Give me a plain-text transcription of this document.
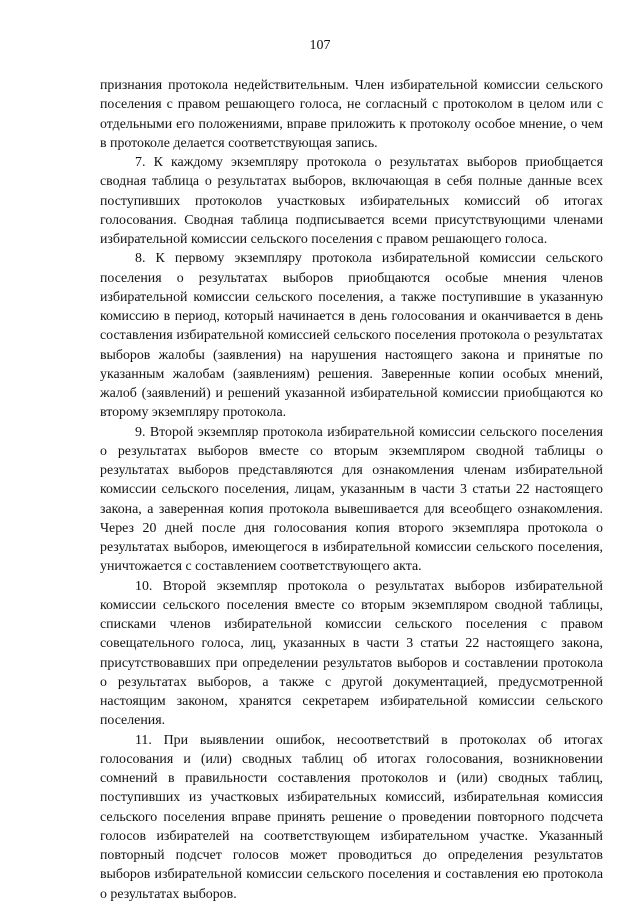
107

признания протокола недействительным. Член избирательной комиссии сельского поселения с правом решающего голоса, не согласный с протоколом в целом или с отдельными его положениями, вправе приложить к протоколу особое мнение, о чем в протоколе делается соответствующая запись.

7. К каждому экземпляру протокола о результатах выборов приобщается сводная таблица о результатах выборов, включающая в себя полные данные всех поступивших протоколов участковых избирательных комиссий об итогах голосования. Сводная таблица подписывается всеми присутствующими членами избирательной комиссии сельского поселения с правом решающего голоса.

8. К первому экземпляру протокола избирательной комиссии сельского поселения о результатах выборов приобщаются особые мнения членов избирательной комиссии сельского поселения, а также поступившие в указанную комиссию в период, который начинается в день голосования и оканчивается в день составления избирательной комиссией сельского поселения протокола о результатах выборов жалобы (заявления) на нарушения настоящего закона и принятые по указанным жалобам (заявлениям) решения. Заверенные копии особых мнений, жалоб (заявлений) и решений указанной избирательной комиссии приобщаются ко второму экземпляру протокола.

9. Второй экземпляр протокола избирательной комиссии сельского поселения о результатах выборов вместе со вторым экземпляром сводной таблицы о результатах выборов представляются для ознакомления членам избирательной комиссии сельского поселения, лицам, указанным в части 3 статьи 22 настоящего закона, а заверенная копия протокола вывешивается для всеобщего ознакомления. Через 20 дней после дня голосования копия второго экземпляра протокола о результатах выборов, имеющегося в избирательной комиссии сельского поселения, уничтожается с составлением соответствующего акта.

10. Второй экземпляр протокола о результатах выборов избирательной комиссии сельского поселения вместе со вторым экземпляром сводной таблицы, списками членов избирательной комиссии сельского поселения с правом совещательного голоса, лиц, указанных в части 3 статьи 22 настоящего закона, присутствовавших при определении результатов выборов и составлении протокола о результатах выборов, а также с другой документацией, предусмотренной настоящим законом, хранятся секретарем избирательной комиссии сельского поселения.

11. При выявлении ошибок, несоответствий в протоколах об итогах голосования и (или) сводных таблиц об итогах голосования, возникновении сомнений в правильности составления протоколов и (или) сводных таблиц, поступивших из участковых избирательных комиссий, избирательная комиссия сельского поселения вправе принять решение о проведении повторного подсчета голосов избирателей на соответствующем избирательном участке. Указанный повторный подсчет голосов может проводиться до определения результатов выборов избирательной комиссии сельского поселения и составления ею протокола о результатах выборов.
